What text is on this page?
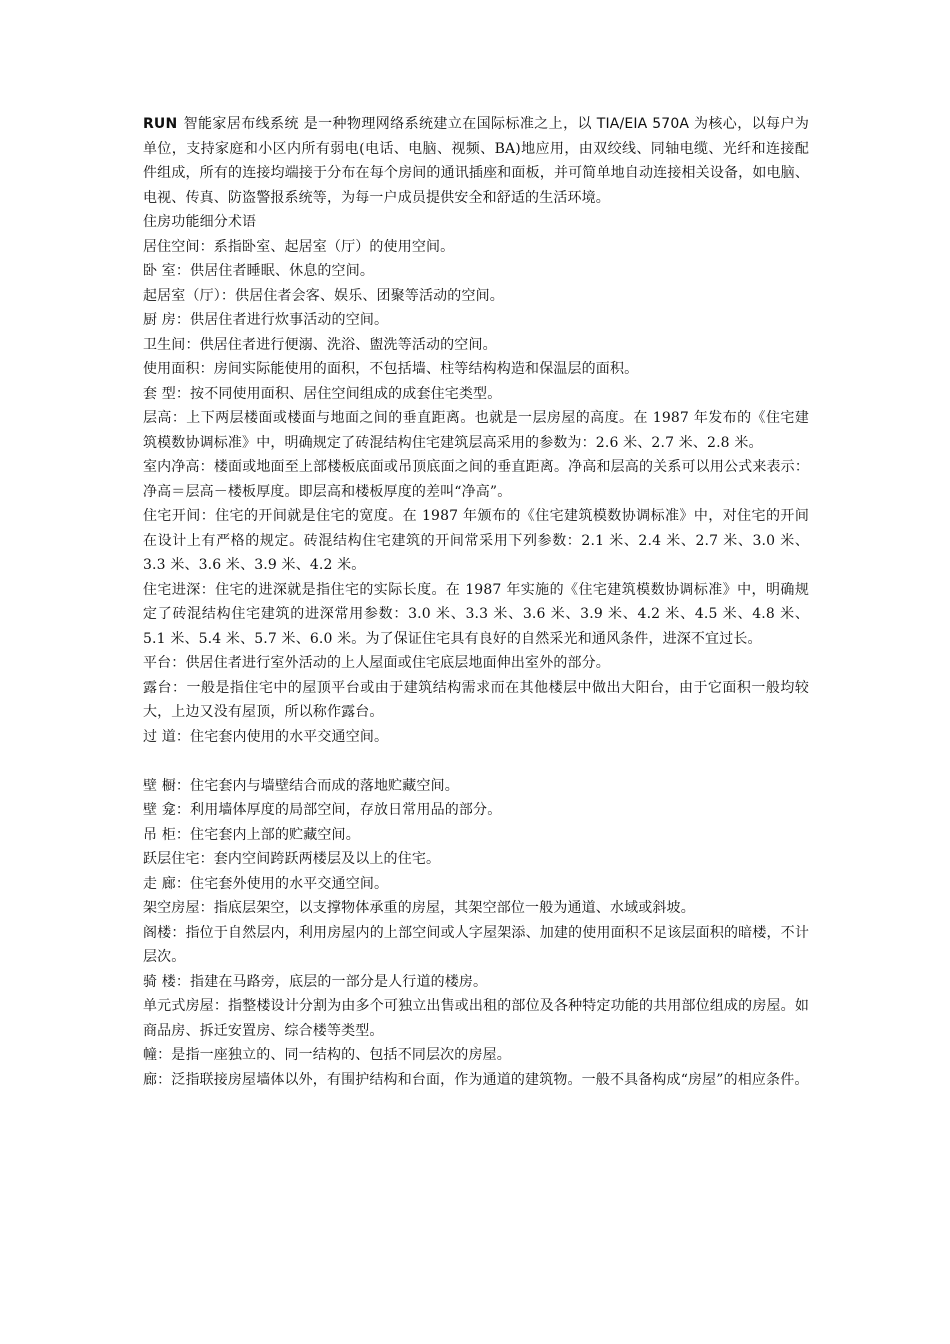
RUN 智能家居布线系统 是一种物理网络系统建立在国际标准之上，以 TIA/EIA 570A 为核心，以每户为单位，支持家庭和小区内所有弱电(电话、电脑、视频、BA)地应用，由双绞线、同轴电缆、光纤和连接配件组成，所有的连接均端接于分布在每个房间的通讯插座和面板，并可简单地自动连接相关设备，如电脑、电视、传真、防盗警报系统等，为每一户成员提供安全和舒适的生活环境。

住房功能细分术语

居住空间：系指卧室、起居室（厅）的使用空间。

卧 室：供居住者睡眠、休息的空间。

起居室（厅）：供居住者会客、娱乐、团聚等活动的空间。

厨 房：供居住者进行炊事活动的空间。

卫生间：供居住者进行便溺、洗浴、盥洗等活动的空间。

使用面积：房间实际能使用的面积，不包括墙、柱等结构构造和保温层的面积。

套 型：按不同使用面积、居住空间组成的成套住宅类型。

层高：上下两层楼面或楼面与地面之间的垂直距离。也就是一层房屋的高度。在 1987 年发布的《住宅建筑模数协调标准》中，明确规定了砖混结构住宅建筑层高采用的参数为：2.6 米、2.7 米、2.8 米。

室内净高：楼面或地面至上部楼板底面或吊顶底面之间的垂直距离。净高和层高的关系可以用公式来表示：净高＝层高－楼板厚度。即层高和楼板厚度的差叫“净高”。

住宅开间：住宅的开间就是住宅的宽度。在 1987 年颁布的《住宅建筑模数协调标准》中，对住宅的开间在设计上有严格的规定。砖混结构住宅建筑的开间常采用下列参数：2.1 米、2.4 米、2.7 米、3.0 米、3.3 米、3.6 米、3.9 米、4.2 米。

住宅进深：住宅的进深就是指住宅的实际长度。在 1987 年实施的《住宅建筑模数协调标准》中，明确规定了砖混结构住宅建筑的进深常用参数：3.0 米、3.3 米、3.6 米、3.9 米、4.2 米、4.5 米、4.8 米、5.1 米、5.4 米、5.7 米、6.0 米。为了保证住宅具有良好的自然采光和通风条件，进深不宜过长。

平台：供居住者进行室外活动的上人屋面或住宅底层地面伸出室外的部分。

露台：一般是指住宅中的屋顶平台或由于建筑结构需求而在其他楼层中做出大阳台，由于它面积一般均较大，上边又没有屋顶，所以称作露台。

过 道：住宅套内使用的水平交通空间。

壁 橱：住宅套内与墙壁结合而成的落地贮藏空间。

壁 龛：利用墙体厚度的局部空间，存放日常用品的部分。

吊 柜：住宅套内上部的贮藏空间。

跃层住宅：套内空间跨跃两楼层及以上的住宅。

走 廊：住宅套外使用的水平交通空间。

架空房屋：指底层架空，以支撑物体承重的房屋，其架空部位一般为通道、水域或斜坡。

阁楼：指位于自然层内，利用房屋内的上部空间或人字屋架添、加建的使用面积不足该层面积的暗楼，不计层次。

骑 楼：指建在马路旁，底层的一部分是人行道的楼房。

单元式房屋：指整楼设计分割为由多个可独立出售或出租的部位及各种特定功能的共用部位组成的房屋。如商品房、拆迁安置房、综合楼等类型。

幢：是指一座独立的、同一结构的、包括不同层次的房屋。

廊：泛指联接房屋墙体以外，有围护结构和台面，作为通道的建筑物。一般不具备构成“房屋”的相应条件。
